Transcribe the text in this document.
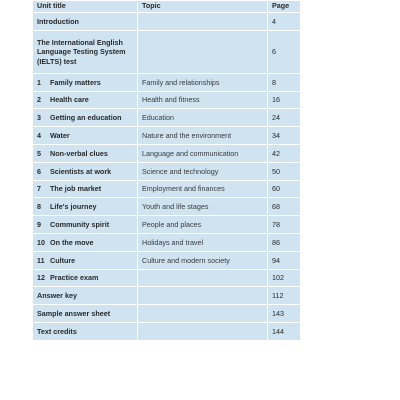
Unit title	Topic	Page
Introduction		4
The International English Language Testing System (IELTS) test		6
1 Family matters	Family and relationships	8
2 Health care	Health and fitness	16
3 Getting an education	Education	24
4 Water	Nature and the environment	34
5 Non-verbal clues	Language and communication	42
6 Scientists at work	Science and technology	50
7 The job market	Employment and finances	60
8 Life's journey	Youth and life stages	68
9 Community spirit	People and places	78
10 On the move	Holidays and travel	86
11 Culture	Culture and modern society	94
12 Practice exam		102
Answer key		112
Sample answer sheet		143
Text credits		144
